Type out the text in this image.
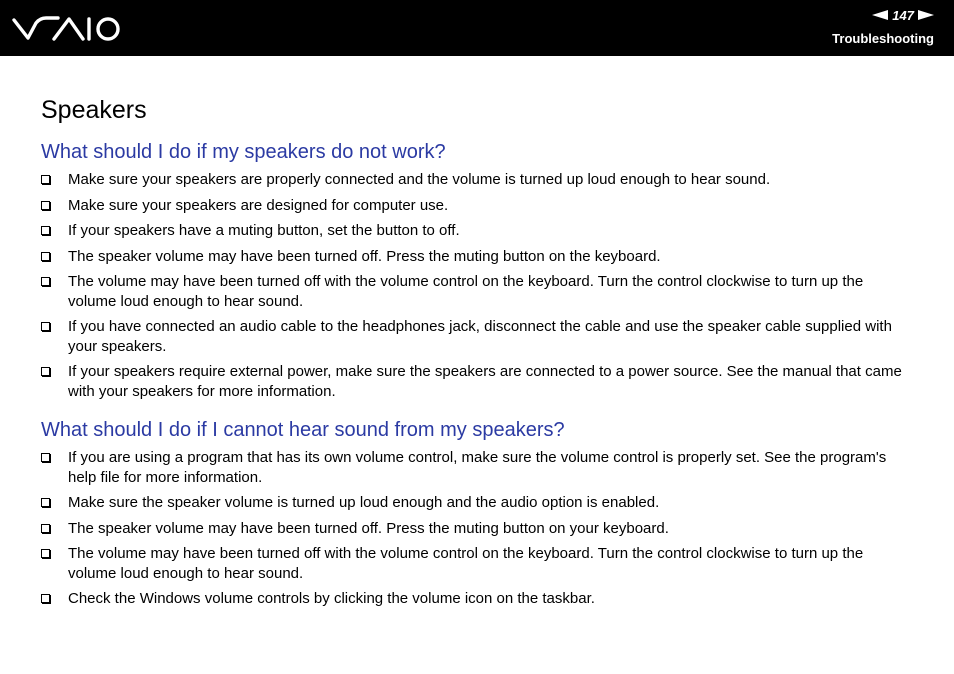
147
Troubleshooting
Speakers
What should I do if my speakers do not work?
Make sure your speakers are properly connected and the volume is turned up loud enough to hear sound.
Make sure your speakers are designed for computer use.
If your speakers have a muting button, set the button to off.
The speaker volume may have been turned off. Press the muting button on the keyboard.
The volume may have been turned off with the volume control on the keyboard. Turn the control clockwise to turn up the volume loud enough to hear sound.
If you have connected an audio cable to the headphones jack, disconnect the cable and use the speaker cable supplied with your speakers.
If your speakers require external power, make sure the speakers are connected to a power source. See the manual that came with your speakers for more information.
What should I do if I cannot hear sound from my speakers?
If you are using a program that has its own volume control, make sure the volume control is properly set. See the program's help file for more information.
Make sure the speaker volume is turned up loud enough and the audio option is enabled.
The speaker volume may have been turned off. Press the muting button on your keyboard.
The volume may have been turned off with the volume control on the keyboard. Turn the control clockwise to turn up the volume loud enough to hear sound.
Check the Windows volume controls by clicking the volume icon on the taskbar.
